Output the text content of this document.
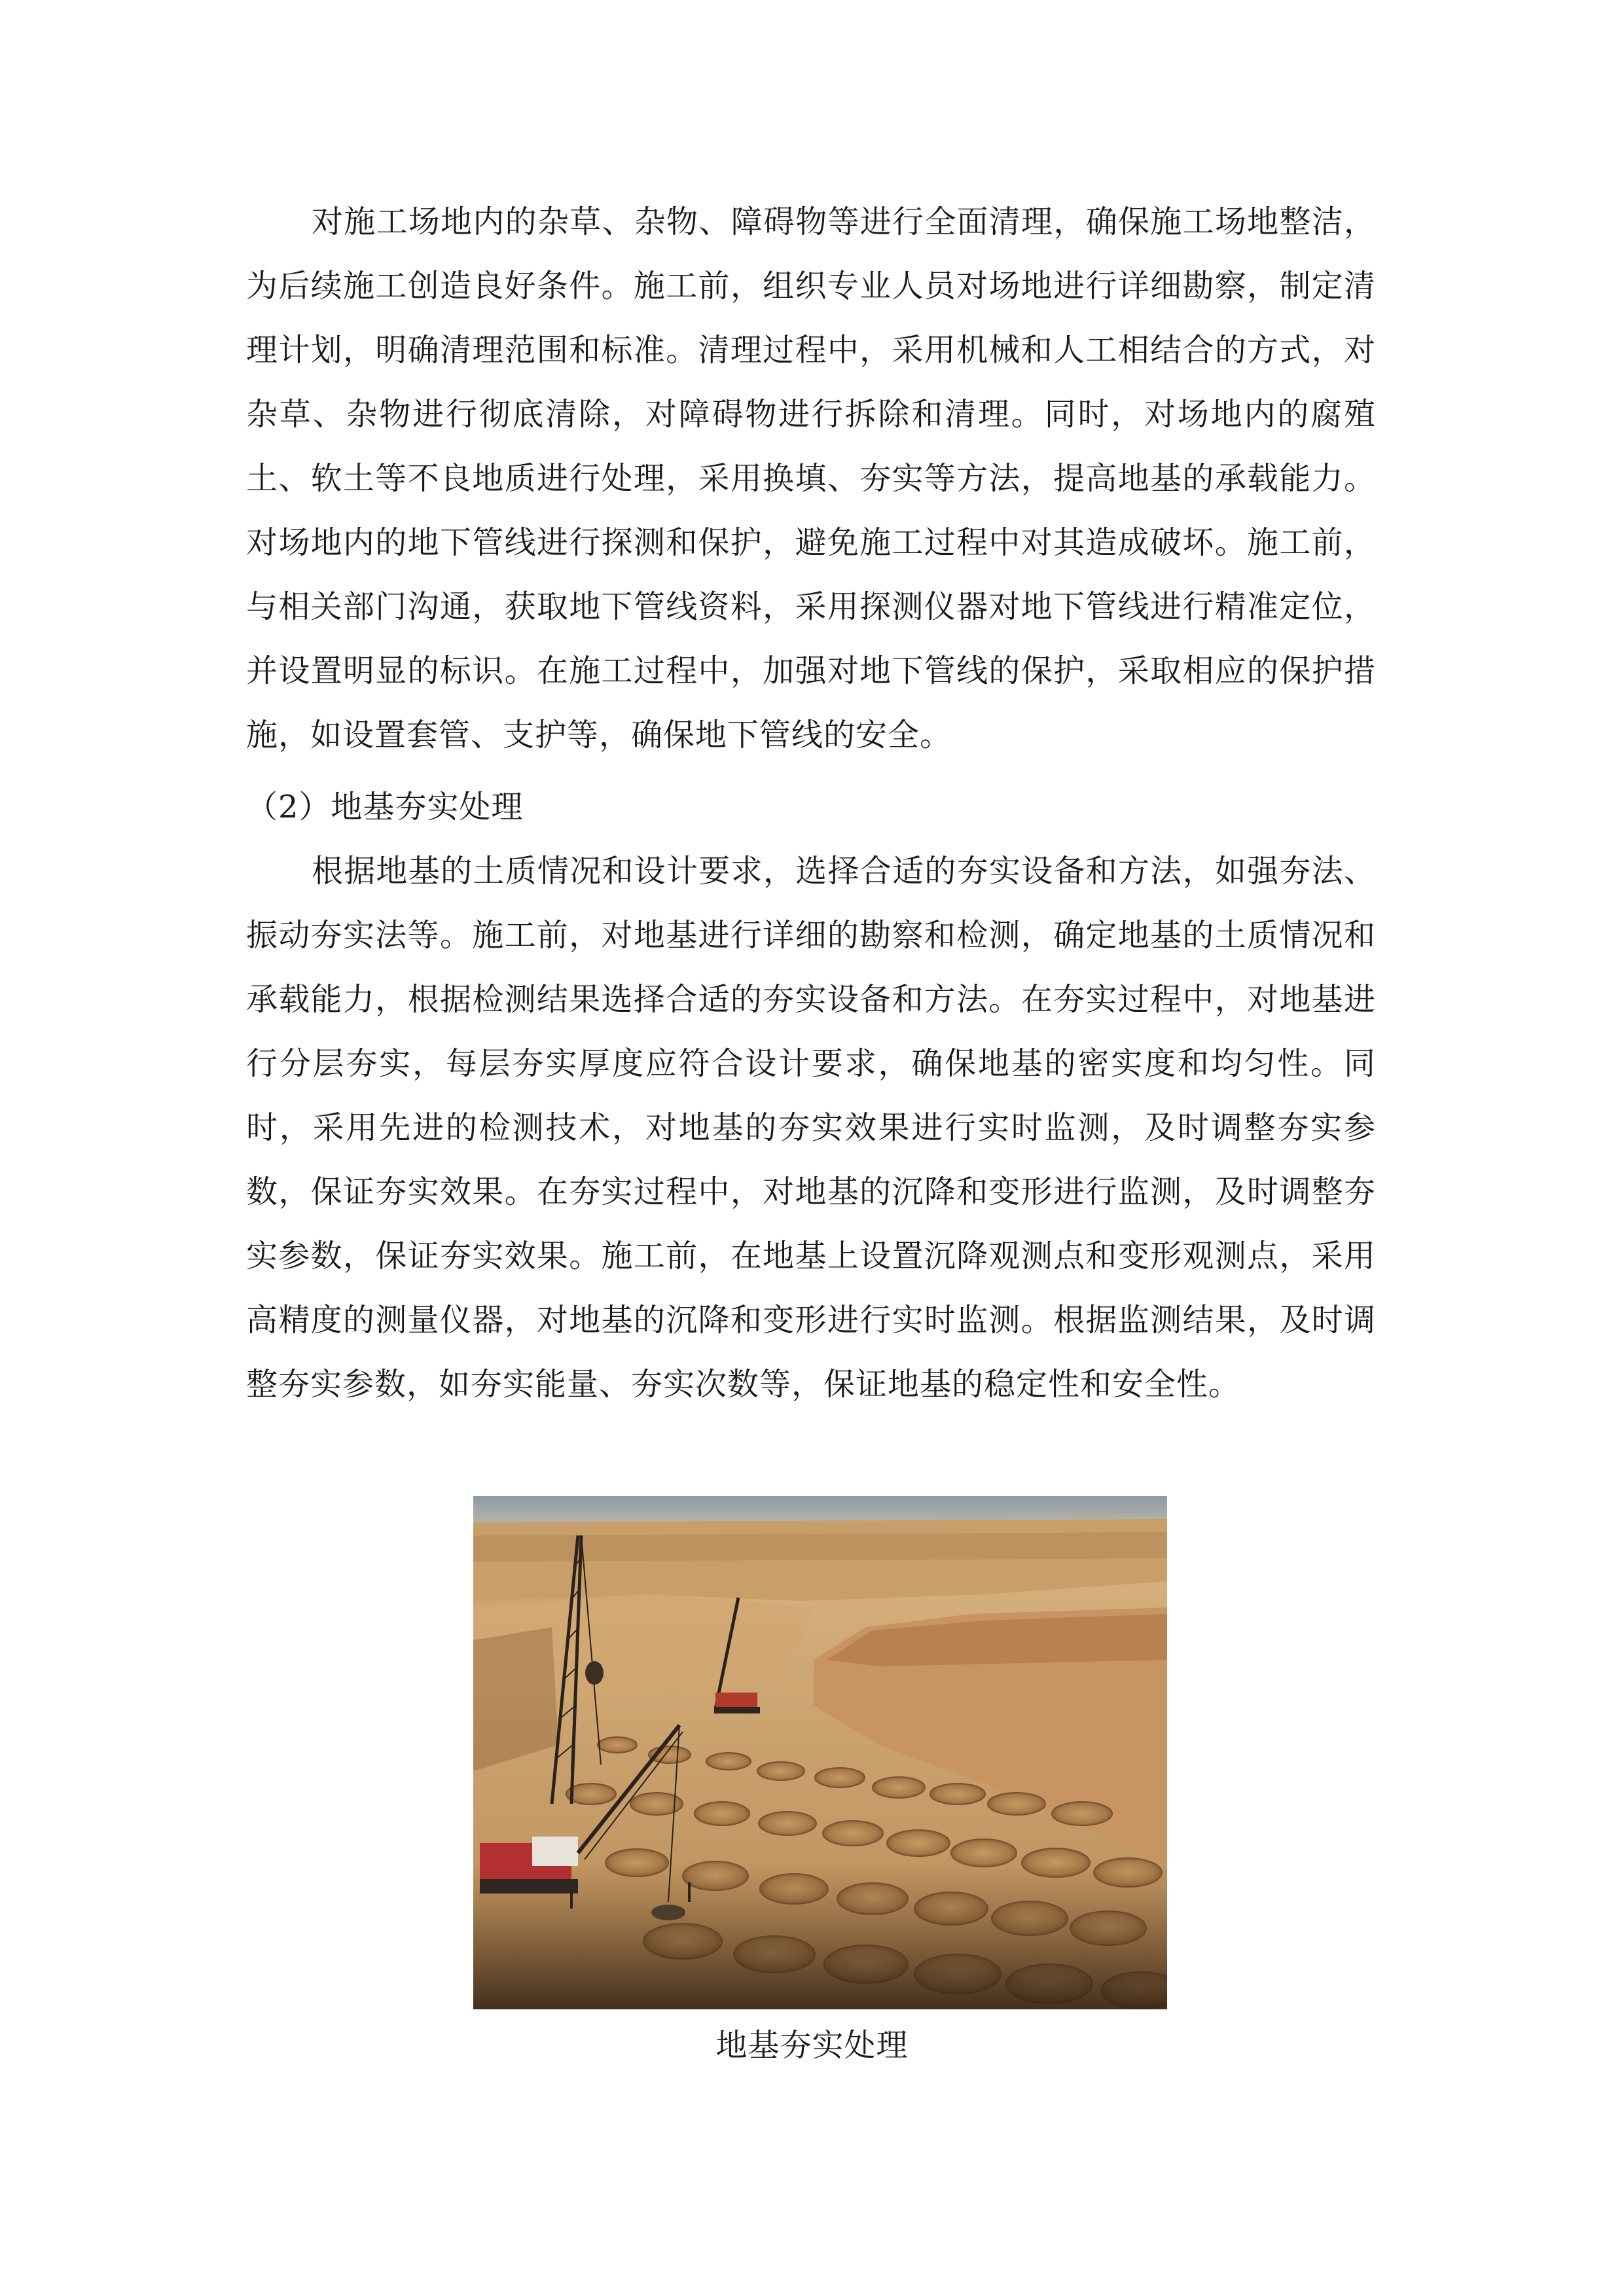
对施工场地内的杂草、杂物、障碍物等进行全面清理，确保施工场地整洁，为后续施工创造良好条件。施工前，组织专业人员对场地进行详细勘察，制定清理计划，明确清理范围和标准。清理过程中，采用机械和人工相结合的方式，对杂草、杂物进行彻底清除，对障碍物进行拆除和清理。同时，对场地内的腐殖土、软土等不良地质进行处理，采用换填、夯实等方法，提高地基的承载能力。对场地内的地下管线进行探测和保护，避免施工过程中对其造成破坏。施工前，与相关部门沟通，获取地下管线资料，采用探测仪器对地下管线进行精准定位，并设置明显的标识。在施工过程中，加强对地下管线的保护，采取相应的保护措施，如设置套管、支护等，确保地下管线的安全。

（2）地基夯实处理

根据地基的土质情况和设计要求，选择合适的夯实设备和方法，如强夯法、振动夯实法等。施工前，对地基进行详细的勘察和检测，确定地基的土质情况和承载能力，根据检测结果选择合适的夯实设备和方法。在夯实过程中，对地基进行分层夯实，每层夯实厚度应符合设计要求，确保地基的密实度和均匀性。同时，采用先进的检测技术，对地基的夯实效果进行实时监测，及时调整夯实参数，保证夯实效果。在夯实过程中，对地基的沉降和变形进行监测，及时调整夯实参数，保证夯实效果。施工前，在地基上设置沉降观测点和变形观测点，采用高精度的测量仪器，对地基的沉降和变形进行实时监测。根据监测结果，及时调整夯实参数，如夯实能量、夯实次数等，保证地基的稳定性和安全性。

地基夯实处理
